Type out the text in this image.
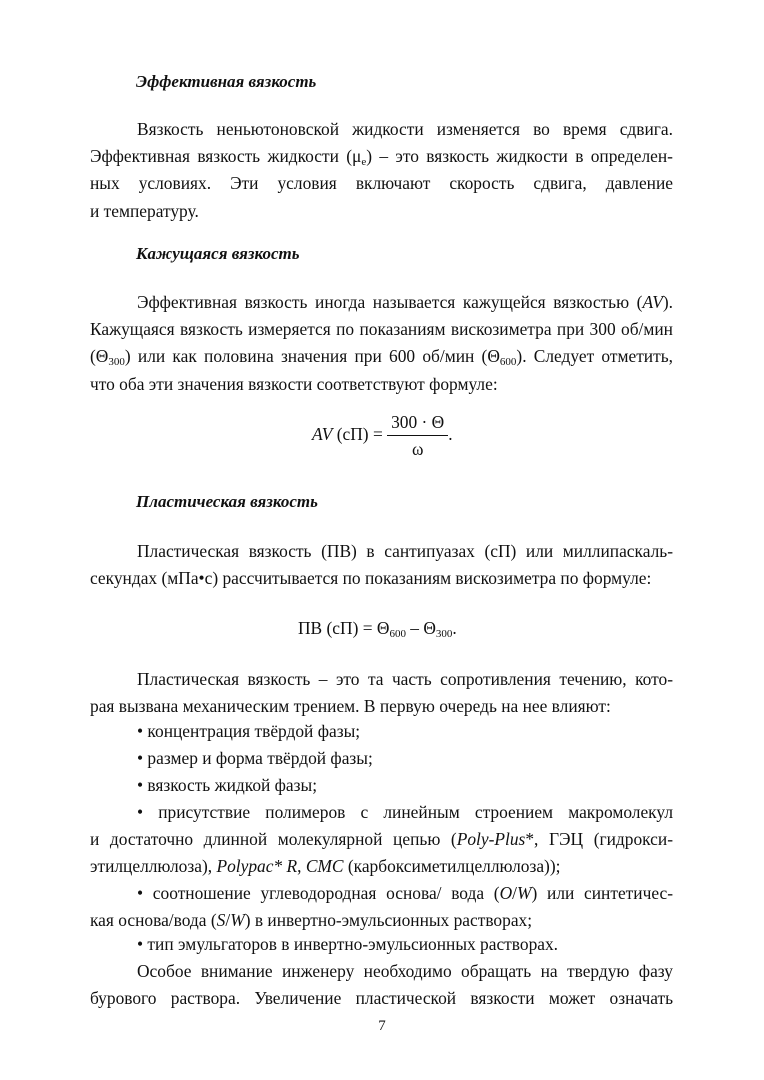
Эффективная вязкость

Вязкость неньютоновской жидкости изменяется во время сдвига.
Эффективная вязкость жидкости $(\mu_e)$ – это вязкость жидкости в определен-
ных условиях. Эти условия включают скорость сдвига, давление
и температуру.

Кажущаяся вязкость

Эффективная вязкость иногда называется кажущейся вязкостью (AV).
Кажущаяся вязкость измеряется по показаниям вискозиметра при 300 об/мин
$(\Theta_{300})$ или как половина значения при 600 об/мин $(\Theta_{600})$. Следует отметить,
что оба эти значения вязкости соответствуют формуле:

AV $(сП) = \frac{300 \cdot \Theta}{\omega}$ .
Пластическая вязкость

Пластическая вязкость (ПВ) в сантипуазах (сП) или миллипаскаль-
секундах (мПа•с) рассчитывается по показаниям вискозиметра по формуле:

ПВ $(сП) = \Theta_{600} - \Theta_{300}$.

Пластическая вязкость – это та часть сопротивления течению, кото-
рая вызвана механическим трением. В первую очередь на нее влияют:

• концентрация твёрдой фазы;
• размер и форма твёрдой фазы;
• вязкость жидкой фазы;

• присутствие полимеров с линейным строением макромолекул
и достаточно длинной молекулярной цепью (Poly-Plus*, ГЭЦ (гидрокси-
этилцеллюлоза), Polypac* R, CMC (карбоксиметилцеллюлоза));

• соотношение углеводородная основа/ вода (O/W) или синтетичес-
кая основа/вода (S/W) в инвертно-эмульсионных растворах;

• тип эмульгаторов в инвертно-эмульсионных растворах.

Особое внимание инженеру необходимо обращать на твердую фазу
бурового раствора. Увеличение пластической вязкости может означать

7
